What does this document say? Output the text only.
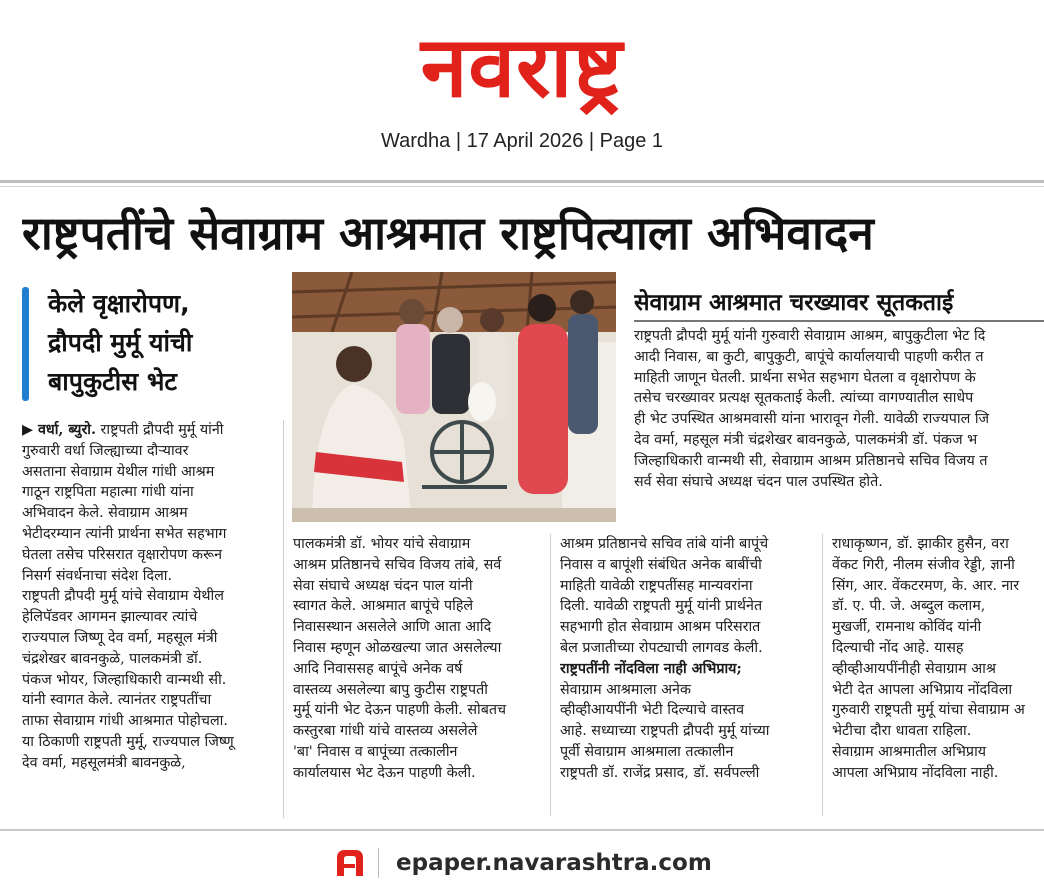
नवराष्ट्र
Wardha | 17 April 2026 | Page 1
राष्ट्रपतींचे सेवाग्राम आश्रमात राष्ट्रपित्याला अभिवादन
केले वृक्षारोपण,
द्रौपदी मुर्मू यांची
बापुकुटीस भेट
सेवाग्राम आश्रमात चरख्यावर सूतकताई
राष्ट्रपती द्रौपदी मुर्मू यांनी गुरुवारी सेवाग्राम आश्रम, बापुकुटीला भेट दि
आदी निवास, बा कुटी, बापुकुटी, बापूंचे कार्यालयाची पाहणी करीत त
माहिती जाणून घेतली. प्रार्थना सभेत सहभाग घेतला व वृक्षारोपण के
तसेच चरख्यावर प्रत्यक्ष सूतकताई केली. त्यांच्या वागण्यातील साधेप
ही भेट उपस्थित आश्रमवासी यांना भारावून गेली. यावेळी राज्यपाल जि
देव वर्मा, महसूल मंत्री चंद्रशेखर बावनकुळे, पालकमंत्री डॉ. पंकज भ
जिल्हाधिकारी वान्मथी सी, सेवाग्राम आश्रम प्रतिष्ठानचे सचिव विजय त
सर्व सेवा संघाचे अध्यक्ष चंदन पाल उपस्थित होते.
▶ वर्धा, ब्युरो. राष्ट्रपती द्रौपदी मुर्मू यांनी
गुरुवारी वर्धा जिल्ह्याच्या दौऱ्यावर
असताना सेवाग्राम येथील गांधी आश्रम
गाठून राष्ट्रपिता महात्मा गांधी यांना
अभिवादन केले. सेवाग्राम आश्रम
भेटीदरम्यान त्यांनी प्रार्थना सभेत सहभाग
घेतला तसेच परिसरात वृक्षारोपण करून
निसर्ग संवर्धनाचा संदेश दिला.
राष्ट्रपती द्रौपदी मुर्मू यांचे सेवाग्राम येथील
हेलिपॅडवर आगमन झाल्यावर त्यांचे
राज्यपाल जिष्णू देव वर्मा, महसूल मंत्री
चंद्रशेखर बावनकुळे, पालकमंत्री डॉ.
पंकज भोयर, जिल्हाधिकारी वान्मथी सी.
यांनी स्वागत केले. त्यानंतर राष्ट्रपतींचा
ताफा सेवाग्राम गांधी आश्रमात पोहोचला.
या ठिकाणी राष्ट्रपती मुर्मू, राज्यपाल जिष्णू
देव वर्मा, महसूलमंत्री बावनकुळे,
पालकमंत्री डॉ. भोयर यांचे सेवाग्राम
आश्रम प्रतिष्ठानचे सचिव विजय तांबे, सर्व
सेवा संघाचे अध्यक्ष चंदन पाल यांनी
स्वागत केले. आश्रमात बापूंचे पहिले
निवासस्थान असलेले आणि आता आदि
निवास म्हणून ओळखल्या जात असलेल्या
आदि निवाससह बापूंचे अनेक वर्ष
वास्तव्य असलेल्या बापु कुटीस राष्ट्रपती
मुर्मू यांनी भेट देऊन पाहणी केली. सोबतच
कस्तुरबा गांधी यांचे वास्तव्य असलेले
'बा' निवास व बापूंच्या तत्कालीन
कार्यालयास भेट देऊन पाहणी केली.
आश्रम प्रतिष्ठानचे सचिव तांबे यांनी बापूंचे
निवास व बापूंशी संबंधित अनेक बाबींची
माहिती यावेळी राष्ट्रपतींसह मान्यवरांना
दिली. यावेळी राष्ट्रपती मुर्मू यांनी प्रार्थनेत
सहभागी होत सेवाग्राम आश्रम परिसरात
बेल प्रजातीच्या रोपट्याची लागवड केली.
राष्ट्रपतींनी नोंदविला नाही अभिप्राय;
सेवाग्राम आश्रमाला अनेक
व्हीव्हीआयपींनी भेटी दिल्याचे वास्तव
आहे. सध्याच्या राष्ट्रपती द्रौपदी मुर्मू यांच्या
पूर्वी सेवाग्राम आश्रमाला तत्कालीन
राष्ट्रपती डॉ. राजेंद्र प्रसाद, डॉ. सर्वपल्ली
राधाकृष्णन, डॉ. झाकीर हुसैन, वरा
वेंकट गिरी, नीलम संजीव रेड्डी, ज्ञानी
सिंग, आर. वेंकटरमण, के. आर. नार
डॉ. ए. पी. जे. अब्दुल कलाम,
मुखर्जी, रामनाथ कोविंद यांनी
दिल्याची नोंद आहे. यासह
व्हीव्हीआयपींनीही सेवाग्राम आश्र
भेटी देत आपला अभिप्राय नोंदविला
गुरुवारी राष्ट्रपती मुर्मू यांचा सेवाग्राम अ
भेटीचा दौरा धावता राहिला.
सेवाग्राम आश्रमातील अभिप्राय
आपला अभिप्राय नोंदविला नाही.
epaper.navarashtra.com
